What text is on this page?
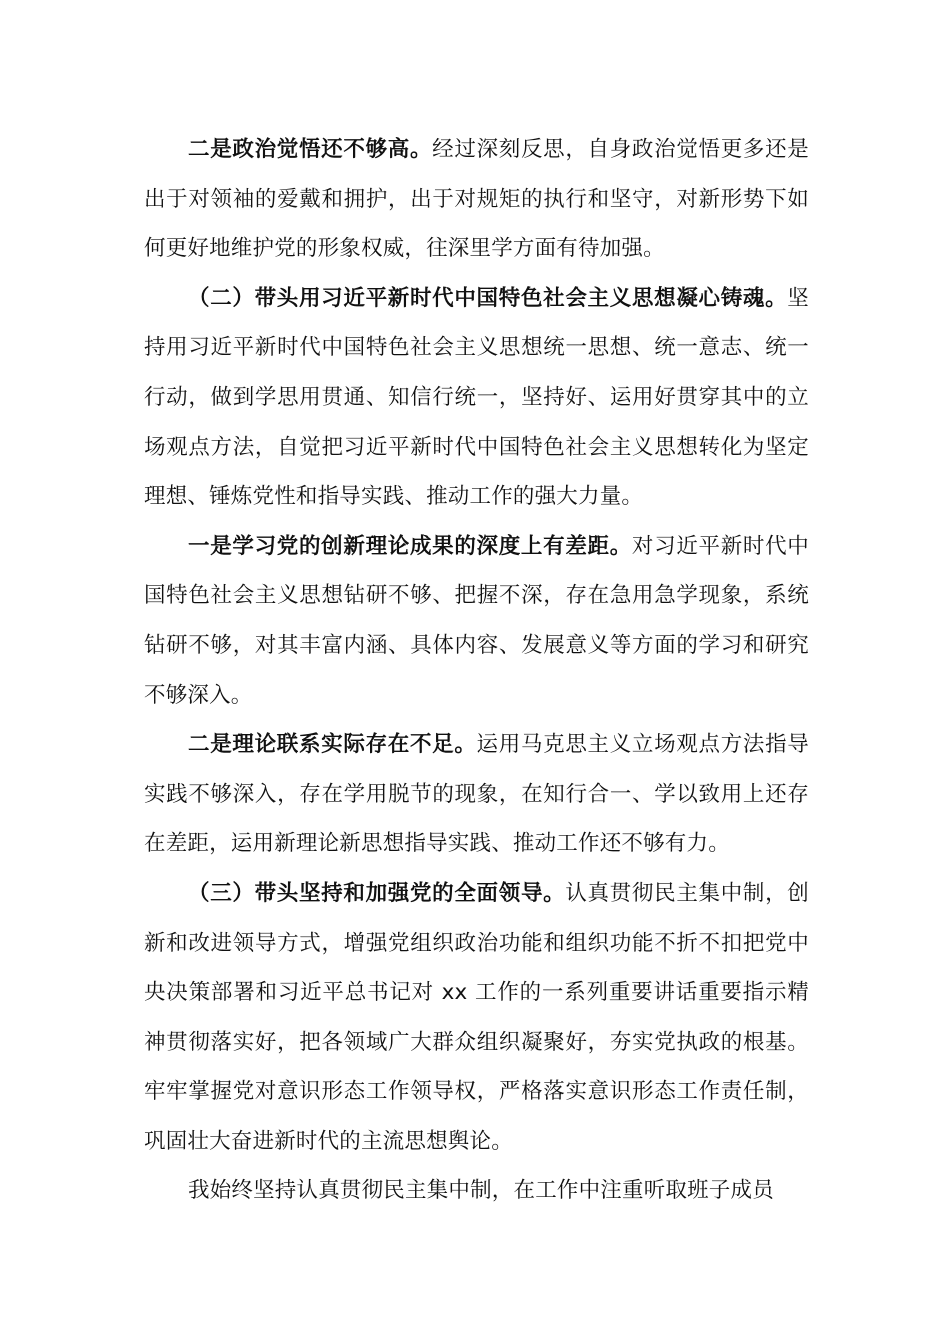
二是政治觉悟还不够高。经过深刻反思，自身政治觉悟更多还是出于对领袖的爱戴和拥护，出于对规矩的执行和坚守，对新形势下如何更好地维护党的形象权威，往深里学方面有待加强。

（二）带头用习近平新时代中国特色社会主义思想凝心铸魂。坚持用习近平新时代中国特色社会主义思想统一思想、统一意志、统一行动，做到学思用贯通、知信行统一，坚持好、运用好贯穿其中的立场观点方法，自觉把习近平新时代中国特色社会主义思想转化为坚定理想、锤炼党性和指导实践、推动工作的强大力量。

一是学习党的创新理论成果的深度上有差距。对习近平新时代中国特色社会主义思想钻研不够、把握不深，存在急用急学现象，系统钻研不够，对其丰富内涵、具体内容、发展意义等方面的学习和研究不够深入。

二是理论联系实际存在不足。运用马克思主义立场观点方法指导实践不够深入，存在学用脱节的现象，在知行合一、学以致用上还存在差距，运用新理论新思想指导实践、推动工作还不够有力。

（三）带头坚持和加强党的全面领导。认真贯彻民主集中制，创新和改进领导方式，增强党组织政治功能和组织功能不折不扣把党中央决策部署和习近平总书记对 xx 工作的一系列重要讲话重要指示精神贯彻落实好，把各领域广大群众组织凝聚好，夯实党执政的根基。牢牢掌握党对意识形态工作领导权，严格落实意识形态工作责任制，巩固壮大奋进新时代的主流思想舆论。

我始终坚持认真贯彻民主集中制，在工作中注重听取班子成员
